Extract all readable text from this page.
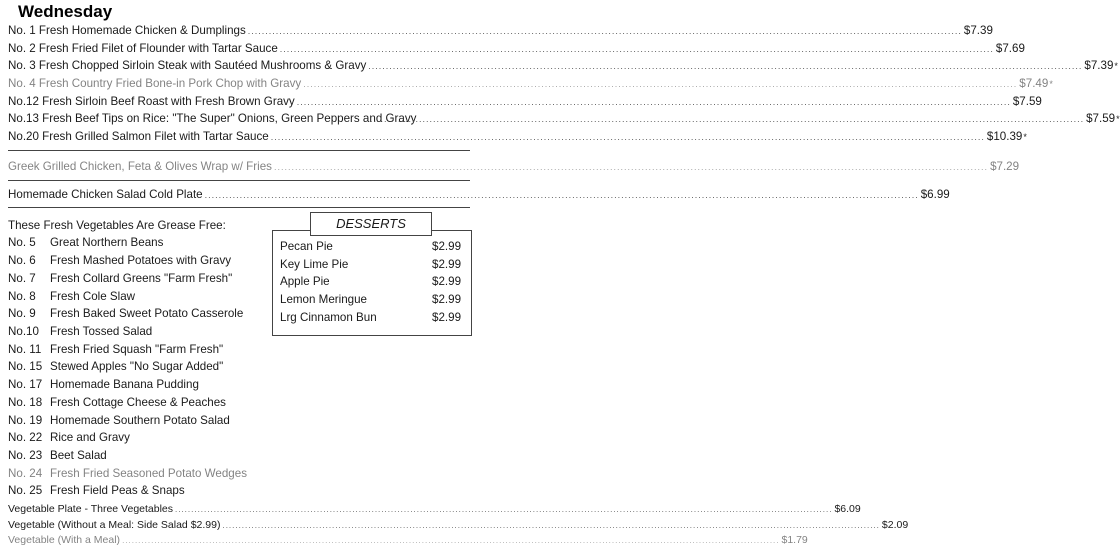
Wednesday
No. 1 Fresh Homemade Chicken & Dumplings .....	$7.39
No. 2 Fresh Fried Filet of Flounder with Tartar Sauce .....	$7.69
No. 3 Fresh Chopped Sirloin Steak with Sautéed Mushrooms & Gravy .....	$7.39 *
No. 4 Fresh Country Fried Bone-in Pork Chop with Gravy .....	$7.49 *
No.12 Fresh Sirloin Beef Roast with Fresh Brown Gravy .....	$7.59
No.13 Fresh Beef Tips on Rice: "The Super" Onions, Green Peppers and Gravy .....	$7.59 *
No.20 Fresh Grilled Salmon Filet with Tartar Sauce .....	$10.39 *
Greek Grilled Chicken, Feta & Olives Wrap w/ Fries .....	$7.29
Homemade Chicken Salad Cold Plate .....	$6.99
These Fresh Vegetables Are Grease Free:
No. 5 Great Northern Beans
No. 6 Fresh Mashed Potatoes with Gravy
No. 7 Fresh Collard Greens "Farm Fresh"
No. 8 Fresh Cole Slaw
No. 9 Fresh Baked Sweet Potato Casserole
No.10 Fresh Tossed Salad
No. 11 Fresh Fried Squash "Farm Fresh"
No. 15 Stewed Apples "No Sugar Added"
No. 17 Homemade Banana Pudding
No. 18 Fresh Cottage Cheese & Peaches
No. 19 Homemade Southern Potato Salad
No. 22 Rice and Gravy
No. 23 Beet Salad
No. 24 Fresh Fried Seasoned Potato Wedges
No. 25 Fresh Field Peas & Snaps
DESSERTS
Pecan Pie	$2.99
Key Lime Pie	$2.99
Apple Pie	$2.99
Lemon Meringue	$2.99
Lrg Cinnamon Bun	$2.99
Vegetable Plate - Three Vegetables .....	$6.09
Vegetable (Without a Meal: Side Salad $2.99) .....	$2.09
Vegetable (With a Meal) .....	$1.79
